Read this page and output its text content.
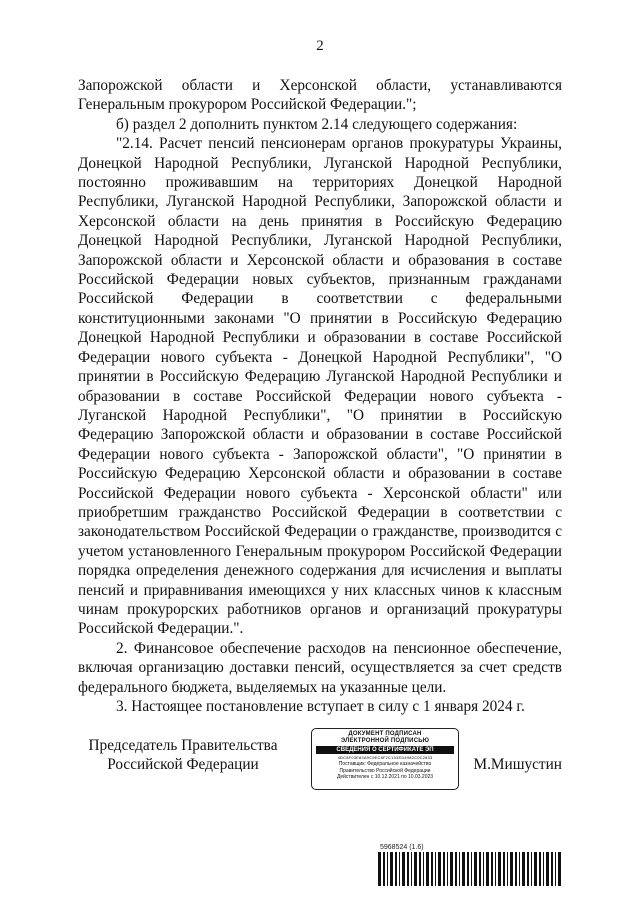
2

Запорожской области и Херсонской области, устанавливаются Генеральным прокурором Российской Федерации.";

б) раздел 2 дополнить пунктом 2.14 следующего содержания:

"2.14. Расчет пенсий пенсионерам органов прокуратуры Украины, Донецкой Народной Республики, Луганской Народной Республики, постоянно проживавшим на территориях Донецкой Народной Республики, Луганской Народной Республики, Запорожской области и Херсонской области на день принятия в Российскую Федерацию Донецкой Народной Республики, Луганской Народной Республики, Запорожской области и Херсонской области и образования в составе Российской Федерации новых субъектов, признанным гражданами Российской Федерации в соответствии с федеральными конституционными законами "О принятии в Российскую Федерацию Донецкой Народной Республики и образовании в составе Российской Федерации нового субъекта - Донецкой Народной Республики", "О принятии в Российскую Федерацию Луганской Народной Республики и образовании в составе Российской Федерации нового субъекта - Луганской Народной Республики", "О принятии в Российскую Федерацию Запорожской области и образовании в составе Российской Федерации нового субъекта - Запорожской области", "О принятии в Российскую Федерацию Херсонской области и образовании в составе Российской Федерации нового субъекта - Херсонской области" или приобретшим гражданство Российской Федерации в соответствии с законодательством Российской Федерации о гражданстве, производится с учетом установленного Генеральным прокурором Российской Федерации порядка определения денежного содержания для исчисления и выплаты пенсий и приравнивания имеющихся у них классных чинов к классным чинам прокурорских работников органов и организаций прокуратуры Российской Федерации.".

2. Финансовое обеспечение расходов на пенсионное обеспечение, включая организацию доставки пенсий, осуществляется за счет средств федерального бюджета, выделяемых на указанные цели.

3. Настоящее постановление вступает в силу с 1 января 2024 г.

Председатель Правительства
Российской Федерации
ДОКУМЕНТ ПОДПИСАН
ЭЛЕКТРОННОЙ ПОДПИСЬЮ
СВЕДЕНИЯ О СЕРТИФИКАТЕ ЭП
4DC8F03E83A9C9EC8F2C153ED4982C0C2833
Поставщик: Федеральное казначейство
Правительство Российской Федерации
Действителен с 10.12.2021 по 10.03.2023
М.Мишустин
5968524 (1.6)
